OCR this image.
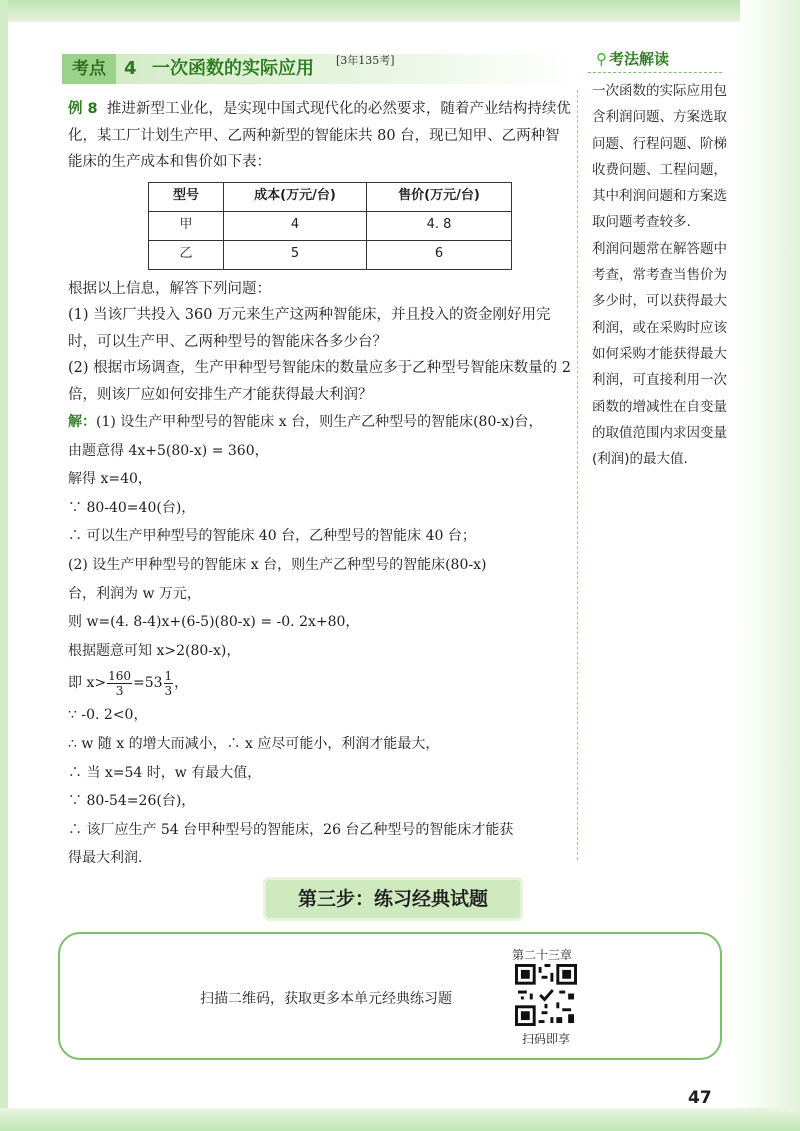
考点	4 一次函数的实际应用 [3年135考]	⚲ 考法解读

一次函数的实际应用包含利润问题、方案选取问题、行程问题、阶梯收费问题、工程问题，其中利润问题和方案选取问题考查较多.

利润问题常在解答题中考查，常考查当售价为多少时，可以获得最大利润，或在采购时应该如何采购才能获得最大利润，可直接利用一次函数的增减性在自变量的取值范围内求因变量(利润)的最大值.

例 8 推进新型工业化，是实现中国式现代化的必然要求，随着产业结构持续优化，某工厂计划生产甲、乙两种新型的智能床共 80 台，现已知甲、乙两种智能床的生产成本和售价如下表：

型号	成本(万元/台)	售价(万元/台)
甲	4	4. 8
乙	5	6

根据以上信息，解答下列问题：

(1) 当该厂共投入 360 万元来生产这两种智能床，并且投入的资金刚好用完时，可以生产甲、乙两种型号的智能床各多少台？

(2) 根据市场调查，生产甲种型号智能床的数量应多于乙种型号智能床数量的 2 倍，则该厂应如何安排生产才能获得最大利润？

解：(1) 设生产甲种型号的智能床 x 台，则生产乙种型号的智能床(80-x)台，

由题意得 4x+5(80-x) = 360，

解得 x=40，

∵ 80-40=40(台)，

∴ 可以生产甲种型号的智能床 40 台，乙种型号的智能床 40 台；

(2) 设生产甲种型号的智能床 x 台，则生产乙种型号的智能床(80-x)

台，利润为 w 万元，

则 w=(4. 8-4)x+(6-5)(80-x) = -0. 2x+80，

根据题意可知 x>2(80-x)，

即 $x> \frac{160}{3} =53 \frac{1}{3}$ ，

∵ -0. 2<0，

∴ w 随 x 的增大而减小，∴ x 应尽可能小，利润才能最大，

∴ 当 x=54 时，w 有最大值，

∵ 80-54=26(台)，

∴ 该厂应生产 54 台甲种型号的智能床，26 台乙种型号的智能床才能获

得最大利润.

第三步：练习经典试题
扫描二维码，获取更多本单元经典练习题
第二十三章
扫码即享
47
